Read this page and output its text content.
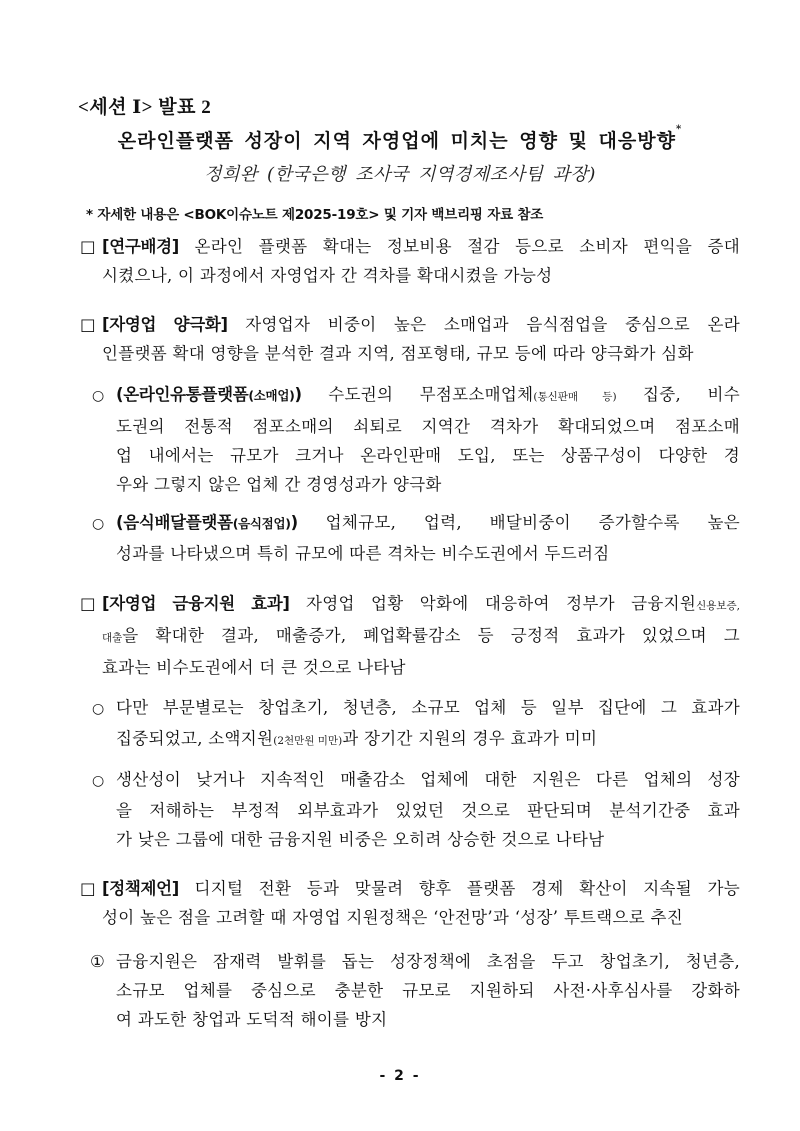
<세션 Ⅰ> 발표 2
온라인플랫폼 성장이 지역 자영업에 미치는 영향 및 대응방향*
정희완 (한국은행 조사국 지역경제조사팀 과장)
* 자세한 내용은 <BOK이슈노트 제2025-19호> 및 기자 백브리핑 자료 참조
□ [연구배경] 온라인 플랫폼 확대는 정보비용 절감 등으로 소비자 편익을 증대
시켰으나, 이 과정에서 자영업자 간 격차를 확대시켰을 가능성
□ [자영업 양극화] 자영업자 비중이 높은 소매업과 음식점업을 중심으로 온라
인플랫폼 확대 영향을 분석한 결과 지역, 점포형태, 규모 등에 따라 양극화가 심화
○ (온라인유통플랫폼(소매업)) 수도권의 무점포소매업체(통신판매 등) 집중, 비수
도권의 전통적 점포소매의 쇠퇴로 지역간 격차가 확대되었으며 점포소매
업 내에서는 규모가 크거나 온라인판매 도입, 또는 상품구성이 다양한 경
우와 그렇지 않은 업체 간 경영성과가 양극화
○ (음식배달플랫폼(음식점업)) 업체규모, 업력, 배달비중이 증가할수록 높은
성과를 나타냈으며 특히 규모에 따른 격차는 비수도권에서 두드러짐
□ [자영업 금융지원 효과] 자영업 업황 악화에 대응하여 정부가 금융지원신용보증,
대출을 확대한 결과, 매출증가, 폐업확률감소 등 긍정적 효과가 있었으며 그
효과는 비수도권에서 더 큰 것으로 나타남
○ 다만 부문별로는 창업초기, 청년층, 소규모 업체 등 일부 집단에 그 효과가
집중되었고, 소액지원(2천만원 미만)과 장기간 지원의 경우 효과가 미미
○ 생산성이 낮거나 지속적인 매출감소 업체에 대한 지원은 다른 업체의 성장
을 저해하는 부정적 외부효과가 있었던 것으로 판단되며 분석기간중 효과
가 낮은 그룹에 대한 금융지원 비중은 오히려 상승한 것으로 나타남
□ [정책제언] 디지털 전환 등과 맞물려 향후 플랫폼 경제 확산이 지속될 가능
성이 높은 점을 고려할 때 자영업 지원정책은 ‘안전망’과 ‘성장’ 투트랙으로 추진
① 금융지원은 잠재력 발휘를 돕는 성장정책에 초점을 두고 창업초기, 청년층,
소규모 업체를 중심으로 충분한 규모로 지원하되 사전·사후심사를 강화하
여 과도한 창업과 도덕적 해이를 방지
- 2 -
